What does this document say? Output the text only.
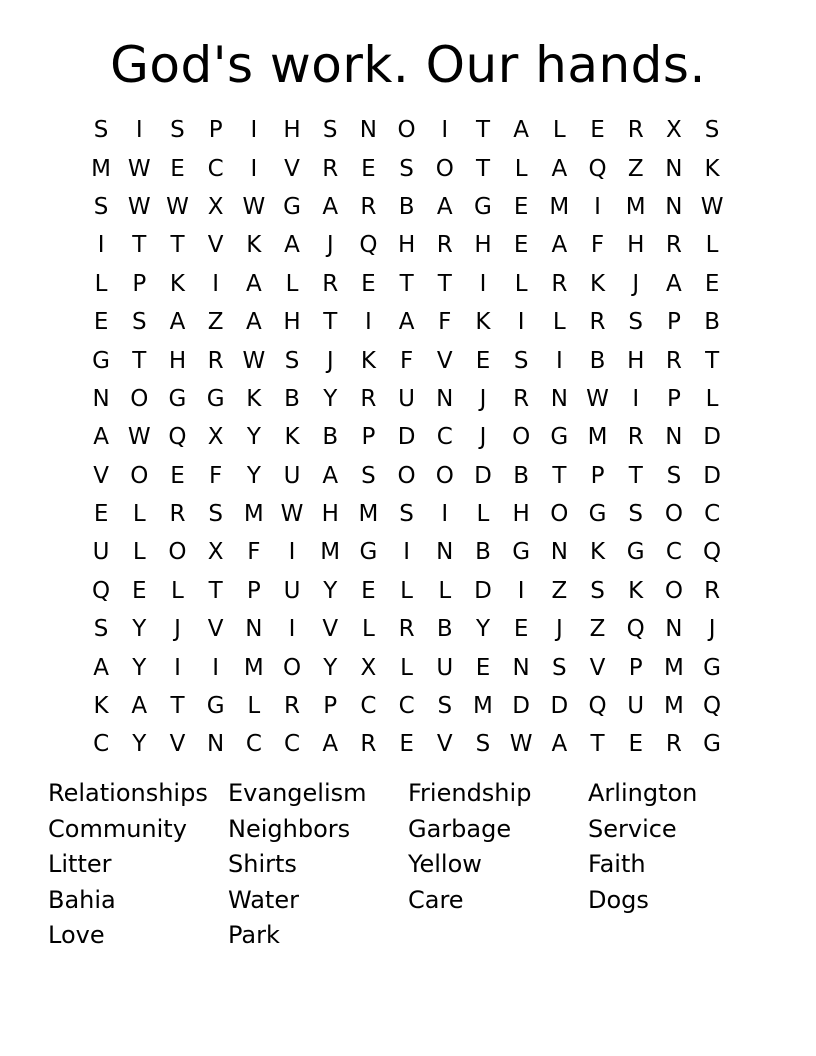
God's work. Our hands.
S	I	S	P	I	H S N O	I	T	A	L	E R X	S
M W E C	I	V R E	S O T	L	A Q Z N K
S W W X W G A R B A G E M	I	M N W
I	T	T	V K A	J	Q H R H E	A	F H R	L
L	P	K	I	A	L	R E	T	T	I	L	R K	J	A	E
E	S	A Z A H T	I	A	F	K	I	L	R S	P	B
G T H R W S	J	K	F	V	E	S	I	B H R	T
N O G G K B	Y	R U N	J	R N W	I	P	L
A W Q X	Y	K B	P D C	J	O G M R N D
V O E	F	Y U A	S O O D B	T	P	T	S D
E	L	R S M W H M S	I	L	H O G S O C
U	L O X	F	I	M G	I	N B G N K G C Q
Q E	L	T	P U Y	E	L	L D	I	Z	S	K O R
S	Y	J	V N	I	V	L	R B	Y	E	J	Z Q N	J
A	Y	I	I	M O Y	X	L	U E N S	V	P M G
K A	T G L	R	P	C C S M D D Q U M Q
C	Y	V N C C A R E	V	S W A	T	E R G
Relationships Evangelism	Friendship	Arlington
Community	Neighbors	Garbage	Service
Litter	Shirts	Yellow	Faith
Bahia	Water	Care	Dogs
Love	Park
